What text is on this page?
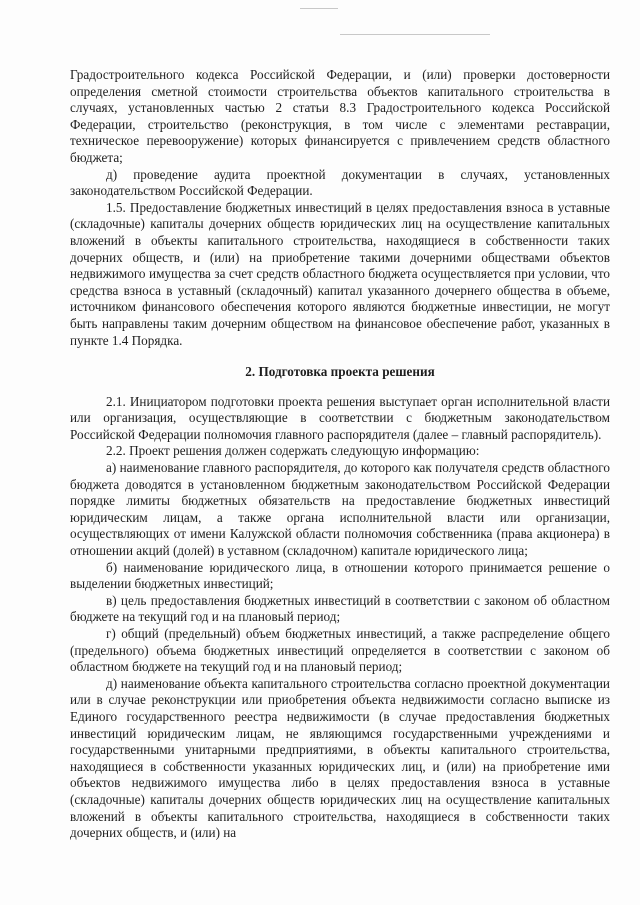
Градостроительного кодекса Российской Федерации, и (или) проверки достоверности определения сметной стоимости строительства объектов капитального строительства в случаях, установленных частью 2 статьи 8.3 Градостроительного кодекса Российской Федерации, строительство (реконструкция, в том числе с элементами реставрации, техническое перевооружение) которых финансируется с привлечением средств областного бюджета;

д) проведение аудита проектной документации в случаях, установленных законодательством Российской Федерации.

1.5. Предоставление бюджетных инвестиций в целях предоставления взноса в уставные (складочные) капиталы дочерних обществ юридических лиц на осуществление капитальных вложений в объекты капитального строительства, находящиеся в собственности таких дочерних обществ, и (или) на приобретение такими дочерними обществами объектов недвижимого имущества за счет средств областного бюджета осуществляется при условии, что средства взноса в уставный (складочный) капитал указанного дочернего общества в объеме, источником финансового обеспечения которого являются бюджетные инвестиции, не могут быть направлены таким дочерним обществом на финансовое обеспечение работ, указанных в пункте 1.4 Порядка.

2. Подготовка проекта решения

2.1. Инициатором подготовки проекта решения выступает орган исполнительной власти или организация, осуществляющие в соответствии с бюджетным законодательством Российской Федерации полномочия главного распорядителя (далее – главный распорядитель).

2.2. Проект решения должен содержать следующую информацию:

а) наименование главного распорядителя, до которого как получателя средств областного бюджета доводятся в установленном бюджетным законодательством Российской Федерации порядке лимиты бюджетных обязательств на предоставление бюджетных инвестиций юридическим лицам, а также органа исполнительной власти или организации, осуществляющих от имени Калужской области полномочия собственника (права акционера) в отношении акций (долей) в уставном (складочном) капитале юридического лица;

б) наименование юридического лица, в отношении которого принимается решение о выделении бюджетных инвестиций;

в) цель предоставления бюджетных инвестиций в соответствии с законом об областном бюджете на текущий год и на плановый период;

г) общий (предельный) объем бюджетных инвестиций, а также распределение общего (предельного) объема бюджетных инвестиций определяется в соответствии с законом об областном бюджете на текущий год и на плановый период;

д) наименование объекта капитального строительства согласно проектной документации или в случае реконструкции или приобретения объекта недвижимости согласно выписке из Единого государственного реестра недвижимости (в случае предоставления бюджетных инвестиций юридическим лицам, не являющимся государственными учреждениями и государственными унитарными предприятиями, в объекты капитального строительства, находящиеся в собственности указанных юридических лиц, и (или) на приобретение ими объектов недвижимого имущества либо в целях предоставления взноса в уставные (складочные) капиталы дочерних обществ юридических лиц на осуществление капитальных вложений в объекты капитального строительства, находящиеся в собственности таких дочерних обществ, и (или) на
